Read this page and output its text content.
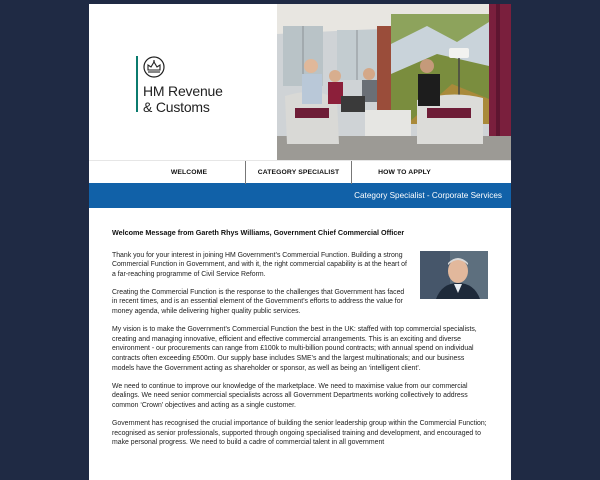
HM Revenue
& Customs
WELCOME	CATEGORY SPECIALIST	HOW TO APPLY
Category Specialist - Corporate Services
Welcome Message from Gareth Rhys Williams, Government Chief Commercial Officer

Thank you for your interest in joining HM Government’s Commercial Function. Building a strong Commercial Function in Government, and with it, the right commercial capability is at the heart of a far-reaching programme of Civil Service Reform.

Creating the Commercial Function is the response to the challenges that Government has faced in recent times, and is an essential element of the Government’s efforts to address the value for money agenda, while delivering higher quality public services.

My vision is to make the Government’s Commercial Function the best in the UK: staffed with top commercial specialists, creating and managing innovative, efficient and effective commercial arrangements. This is an exciting and diverse environment - our procurements can range from £100k to multi-billion pound contracts; with annual spend on individual contracts often exceeding £500m. Our supply base includes SME’s and the largest multinationals; and our business models have the Government acting as shareholder or sponsor, as well as being an ‘intelligent client’.

We need to continue to improve our knowledge of the marketplace. We need to maximise value from our commercial dealings. We need senior commercial specialists across all Government Departments working collectively to address common ‘Crown’ objectives and acting as a single customer.

Government has recognised the crucial importance of building the senior leadership group within the Commercial Function; recognised as senior professionals, supported through ongoing specialised training and development, and encouraged to make personal progress. We need to build a cadre of commercial talent in all government
